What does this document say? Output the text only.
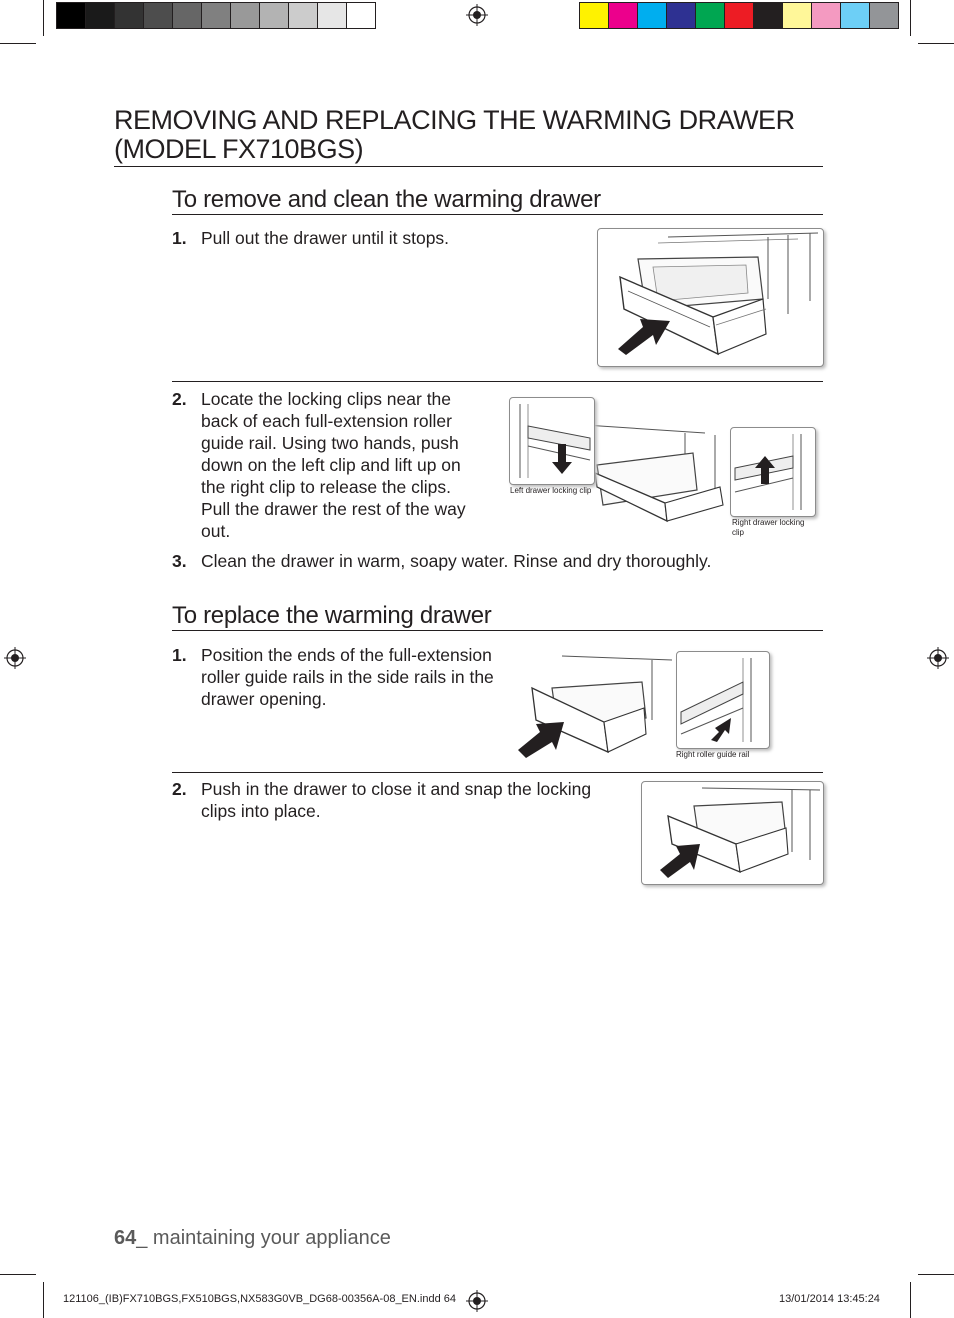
REMOVING AND REPLACING THE WARMING DRAWER
(MODEL FX710BGS)
To remove and clean the warming drawer
1. Pull out the drawer until it stops.
2. Locate the locking clips near the back of each full-extension roller guide rail. Using two hands, push down on the left clip and lift up on the right clip to release the clips. Pull the drawer the rest of the way out.
Left drawer locking clip
Right drawer locking clip
3. Clean the drawer in warm, soapy water. Rinse and dry thoroughly.
To replace the warming drawer
1. Position the ends of the full-extension roller guide rails in the side rails in the drawer opening.
Right roller guide rail
2. Push in the drawer to close it and snap the locking clips into place.
64_ maintaining your appliance
121106_(IB)FX710BGS,FX510BGS,NX583G0VB_DG68-00356A-08_EN.indd 64	13/01/2014 13:45:24
